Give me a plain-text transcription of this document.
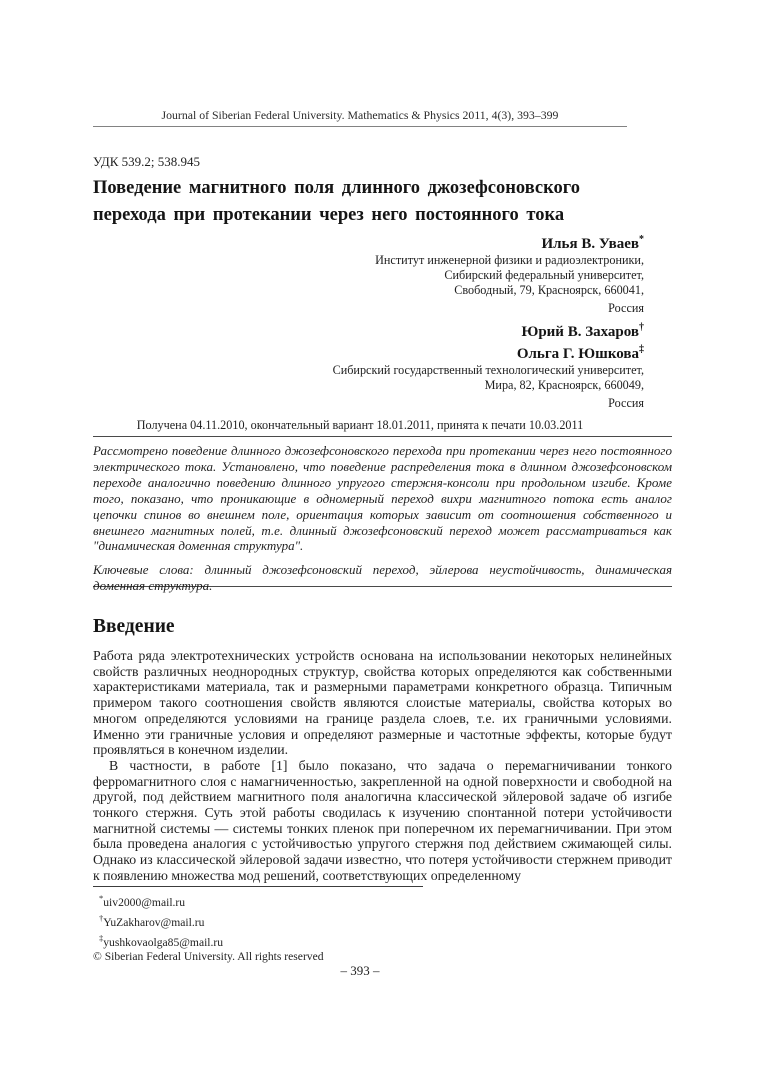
Journal of Siberian Federal University. Mathematics & Physics 2011, 4(3), 393–399
УДК 539.2; 538.945
Поведение магнитного поля длинного джозефсоновского
перехода при протекании через него постоянного тока
Илья В. Уваев*
Институт инженерной физики и радиоэлектроники,
Сибирский федеральный университет,
Свободный, 79, Красноярск, 660041,
Россия
Юрий В. Захаров†
Ольга Г. Юшкова‡
Сибирский государственный технологический университет,
Мира, 82, Красноярск, 660049,
Россия
Получена 04.11.2010, окончательный вариант 18.01.2011, принята к печати 10.03.2011

Рассмотрено поведение длинного джозефсоновского перехода при протекании через него постоянного электрического тока. Установлено, что поведение распределения тока в длинном джозефсоновском переходе аналогично поведению длинного упругого стержня-консоли при продольном изгибе. Кроме того, показано, что проникающие в одномерный переход вихри магнитного потока есть аналог цепочки спинов во внешнем поле, ориентация которых зависит от соотношения собственного и внешнего магнитных полей, т.е. длинный джозефсоновский переход может рассматриваться как "динамическая доменная структура".

Ключевые слова: длинный джозефсоновский переход, эйлерова неустойчивость, динамическая доменная структура.

Введение

Работа ряда электротехнических устройств основана на использовании некоторых нелинейных свойств различных неоднородных структур, свойства которых определяются как собственными характеристиками материала, так и размерными параметрами конкретного образца. Типичным примером такого соотношения свойств являются слоистые материалы, свойства которых во многом определяются условиями на границе раздела слоев, т.е. их граничными условиями. Именно эти граничные условия и определяют размерные и частотные эффекты, которые будут проявляться в конечном изделии.

В частности, в работе [1] было показано, что задача о перемагничивании тонкого ферромагнитного слоя с намагниченностью, закрепленной на одной поверхности и свободной на другой, под действием магнитного поля аналогична классической эйлеровой задаче об изгибе тонкого стержня. Суть этой работы сводилась к изучению спонтанной потери устойчивости магнитной системы — системы тонких пленок при поперечном их перемагничивании. При этом была проведена аналогия с устойчивостью упругого стержня под действием сжимающей силы. Однако из классической эйлеровой задачи известно, что потеря устойчивости стержнем приводит к появлению множества мод решений, соответствующих определенному

*uiv2000@mail.ru
†YuZakharov@mail.ru
‡yushkovaolga85@mail.ru
© Siberian Federal University. All rights reserved
– 393 –
